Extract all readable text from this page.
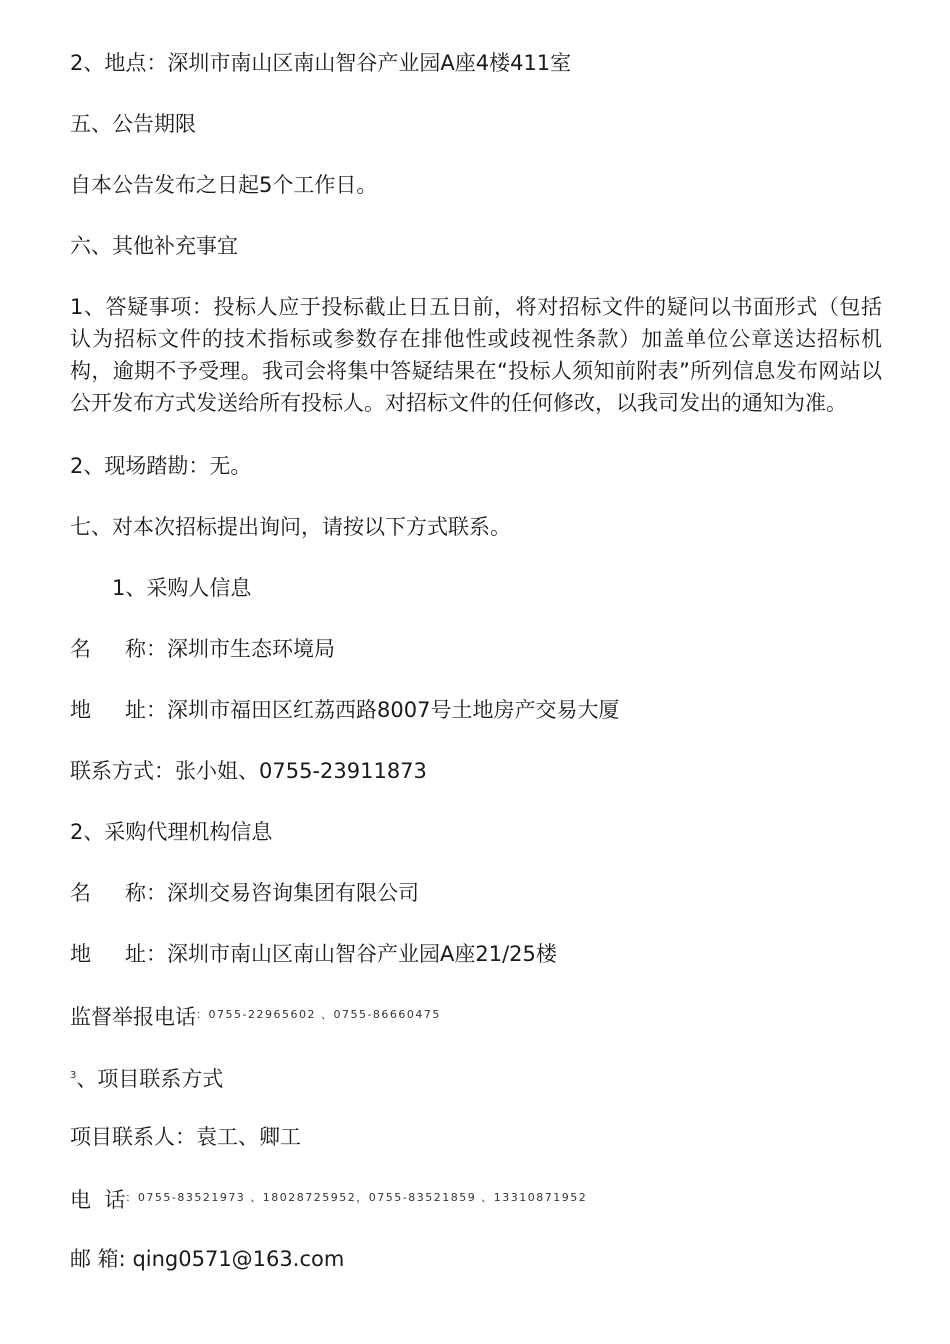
2、地点：深圳市南山区南山智谷产业园A座4楼411室
五、公告期限
自本公告发布之日起5个工作日。
六、其他补充事宜
1、答疑事项：投标人应于投标截止日五日前，将对招标文件的疑问以书面形式（包括
认为招标文件的技术指标或参数存在排他性或歧视性条款）加盖单位公章送达招标机
构，逾期不予受理。我司会将集中答疑结果在“投标人须知前附表”所列信息发布网站以
公开发布方式发送给所有投标人。对招标文件的任何修改，以我司发出的通知为准。
2、现场踏勘：无。
七、对本次招标提出询问，请按以下方式联系。
1、采购人信息
名 称：深圳市生态环境局
地 址：深圳市福田区红荔西路8007号土地房产交易大厦
联系方式：张小姐、0755-23911873
2、采购代理机构信息
名 称：深圳交易咨询集团有限公司
地 址：深圳市南山区南山智谷产业园A座21/25楼
监督举报电话$^{:0755-22965602 、0755-86660475}$
$^3$、项目联系方式
项目联系人：袁工、卿工
电  话$^{:0755-83521973 、18028725952,0755-83521859 、13310871952}$
邮 箱: qing0571@163.com
